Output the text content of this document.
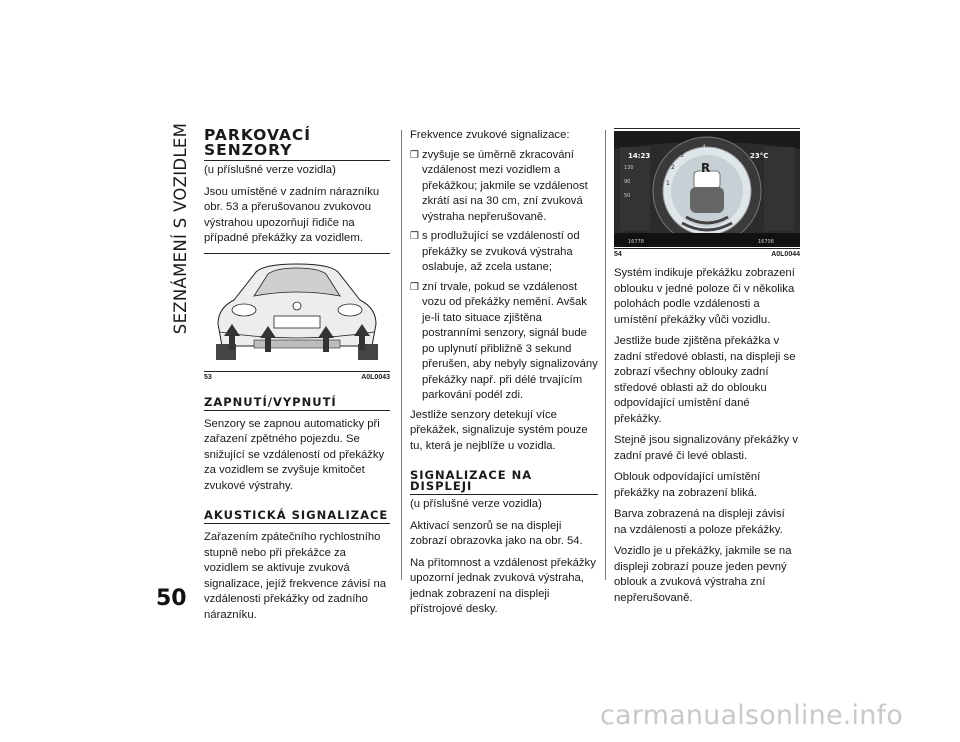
SEZNÁMENÍ S VOZIDLEM
50
PARKOVACÍ SENZORY

(u příslušné verze vozidla)

Jsou umístěné v zadním nárazníku obr. 53 a přerušovanou zvukovou výstrahou upozorňují řidiče na případné překážky za vozidlem.

53	A0L0043
ZAPNUTÍ/VYPNUTÍ

Senzory se zapnou automaticky při zařazení zpětného pojezdu. Se snižující se vzdáleností od překážky za vozidlem se zvyšuje kmitočet zvukové výstrahy.

AKUSTICKÁ SIGNALIZACE

Zařazením zpátečního rychlostního stupně nebo při překážce za vozidlem se aktivuje zvuková signalizace, jejíž frekvence závisí na vzdálenosti překážky od zadního nárazníku.

Frekvence zvukové signalizace:

❒ zvyšuje se úměrně zkracování vzdálenost mezi vozidlem a překážkou; jakmile se vzdálenost zkrátí asi na 30 cm, zní zvuková výstraha nepřerušovaně.
❒ s prodlužující se vzdáleností od překážky se zvuková výstraha oslabuje, až zcela ustane;
❒ zní trvale, pokud se vzdálenost vozu od překážky nemění. Avšak je-li tato situace zjištěna postranními senzory, signál bude po uplynutí přibližně 3 sekund přerušen, aby nebyly signalizovány překážky např. při délé trvajícím parkování podél zdi.

Jestliže senzory detekují více překážek, signalizuje systém pouze tu, která je nejblíže u vozidla.

SIGNALIZACE NA DISPLEJI

(u příslušné verze vozidla)

Aktivací senzorů se na displeji zobrazí obrazovka jako na obr. 54.

Na přítomnost a vzdálenost překážky upozorní jednak zvuková výstraha, jednak zobrazení na displeji přístrojové desky.

14:23	23°C
R
2
3
4
1
130
90
50
16778	16706
54	A0L0044

Systém indikuje překážku zobrazení oblouku v jedné poloze či v několika polohách podle vzdálenosti a umístění překážky vůči vozidlu.

Jestliže bude zjištěna překážka v zadní středové oblasti, na displeji se zobrazí všechny oblouky zadní středové oblasti až do oblouku odpovídající umístění dané překážky.

Stejně jsou signalizovány překážky v zadní pravé či levé oblasti.

Oblouk odpovídající umístění překážky na zobrazení bliká.

Barva zobrazená na displeji závisí na vzdálenosti a poloze překážky.

Vozidlo je u překážky, jakmile se na displeji zobrazí pouze jeden pevný oblouk a zvuková výstraha zní nepřerušovaně.

carmanualsonline.info
